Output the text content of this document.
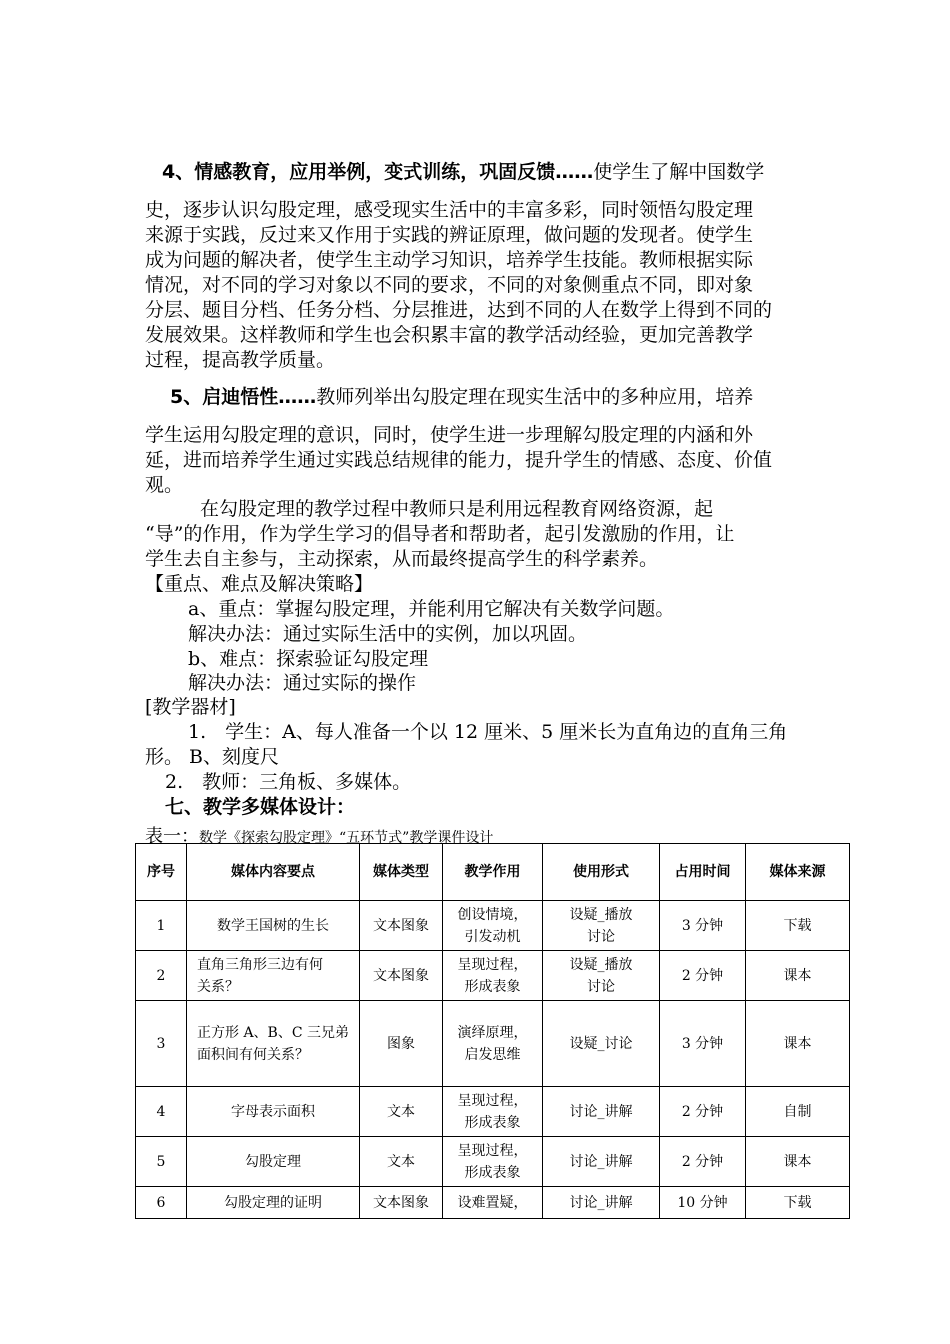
4、情感教育，应用举例，变式训练，巩固反馈……使学生了解中国数学
史，逐步认识勾股定理，感受现实生活中的丰富多彩，同时领悟勾股定理
来源于实践，反过来又作用于实践的辨证原理，做问题的发现者。使学生
成为问题的解决者，使学生主动学习知识，培养学生技能。教师根据实际
情况，对不同的学习对象以不同的要求，不同的对象侧重点不同，即对象
分层、题目分档、任务分档、分层推进，达到不同的人在数学上得到不同的
发展效果。这样教师和学生也会积累丰富的教学活动经验，更加完善教学
过程，提高教学质量。
5、启迪悟性……教师列举出勾股定理在现实生活中的多种应用，培养
学生运用勾股定理的意识，同时，使学生进一步理解勾股定理的内涵和外
延，进而培养学生通过实践总结规律的能力，提升学生的情感、态度、价值
观。
在勾股定理的教学过程中教师只是利用远程教育网络资源，起
“导”的作用，作为学生学习的倡导者和帮助者，起引发激励的作用，让
学生去自主参与，主动探索，从而最终提高学生的科学素养。
【重点、难点及解决策略】
a、重点：掌握勾股定理，并能利用它解决有关数学问题。
解决办法：通过实际生活中的实例，加以巩固。
b、难点：探索验证勾股定理
解决办法：通过实际的操作
[教学器材]
1.　学生：A、每人准备一个以 12 厘米、5 厘米长为直角边的直角三角
形。 B、刻度尺
2.　教师：三角板、多媒体。
七、教学多媒体设计：
表一：数学《探索勾股定理》“五环节式”教学课件设计
序号	媒体内容要点	媒体类型	教学作用	使用形式	占用时间	媒体来源
1	数学王国树的生长	文本图象	创设情境，
引发动机	设疑_播放
讨论	3 分钟	下载
2	直角三角形三边有何
关系？	文本图象	呈现过程，
形成表象	设疑_播放
讨论	2 分钟	课本
3	正方形 A、B、C 三兄弟
面积间有何关系？	图象	演绎原理，
启发思维	设疑_讨论	3 分钟	课本
4	字母表示面积	文本	呈现过程，
形成表象	讨论_讲解	2 分钟	自制
5	勾股定理	文本	呈现过程，
形成表象	讨论_讲解	2 分钟	课本
6	勾股定理的证明	文本图象	设难置疑，	讨论_讲解	10 分钟	下载
